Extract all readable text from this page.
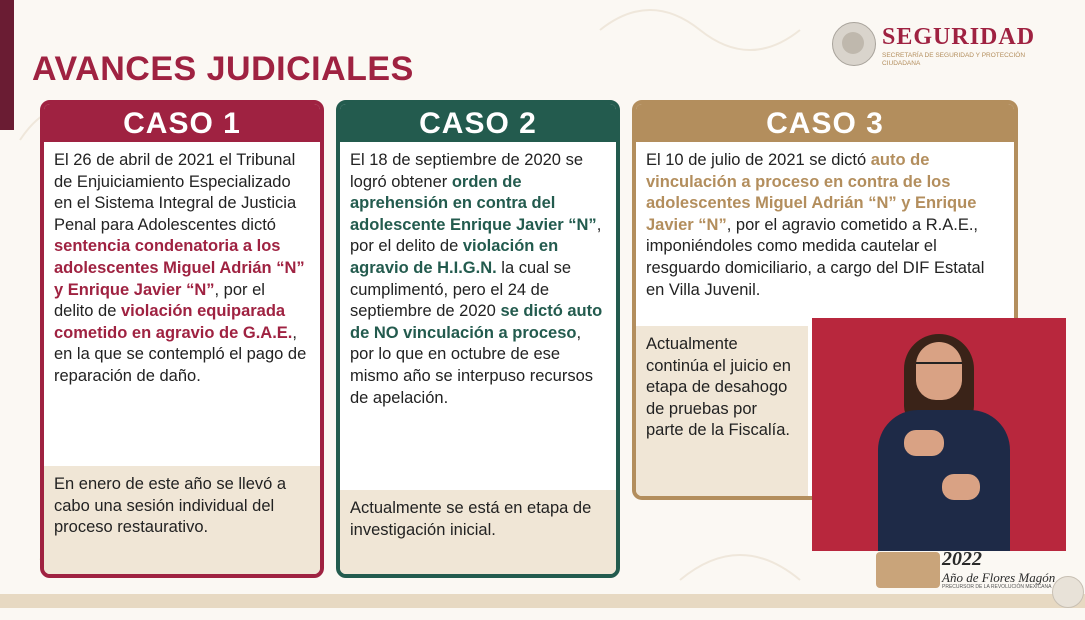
AVANCES JUDICIALES
SEGURIDAD
SECRETARÍA DE SEGURIDAD Y PROTECCIÓN CIUDADANA
CASO 1
El 26 de abril de 2021 el Tribunal de Enjuiciamiento Especializado en el Sistema Integral de Justicia Penal para Adolescentes dictó sentencia condenatoria a los adolescentes Miguel Adrián “N” y Enrique Javier “N”, por el delito de violación equiparada cometido en agravio de G.A.E., en la que se contempló el pago de reparación de daño.
En enero de este año se llevó a cabo una sesión individual del proceso restaurativo.
CASO 2
El 18 de septiembre de 2020 se logró obtener orden de aprehensión en contra del adolescente Enrique Javier “N”, por el delito de violación en agravio de H.I.G.N. la cual se cumplimentó, pero el 24 de septiembre de 2020 se dictó auto de NO vinculación a proceso, por lo que en octubre de ese mismo año se interpuso recursos de apelación.
Actualmente se está en etapa de investigación inicial.
CASO 3
El 10 de julio de 2021 se dictó auto de vinculación a proceso en contra de los adolescentes Miguel Adrián “N” y Enrique Javier “N”, por el agravio cometido a R.A.E., imponiéndoles como medida cautelar el resguardo domiciliario, a cargo del DIF Estatal en Villa Juvenil.
Actualmente continúa el juicio en etapa de desahogo de pruebas por parte de la Fiscalía.
2022
Año de Flores Magón
PRECURSOR DE LA REVOLUCIÓN MEXICANA
